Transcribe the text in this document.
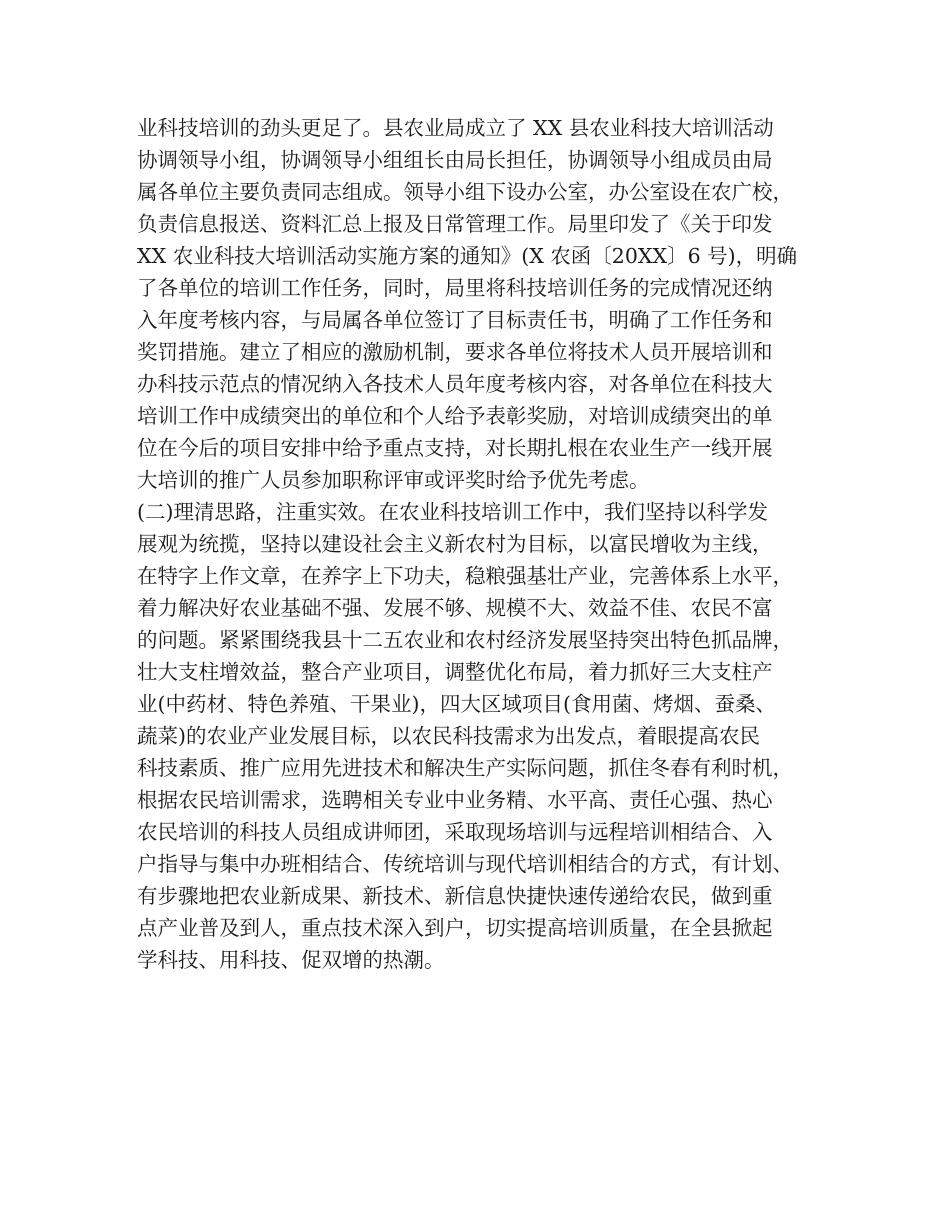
业科技培训的劲头更足了。县农业局成立了 XX 县农业科技大培训活动
协调领导小组，协调领导小组组长由局长担任，协调领导小组成员由局
属各单位主要负责同志组成。领导小组下设办公室，办公室设在农广校，
负责信息报送、资料汇总上报及日常管理工作。局里印发了《关于印发
XX 农业科技大培训活动实施方案的通知》(X 农函〔20XX〕6 号)，明确
了各单位的培训工作任务，同时，局里将科技培训任务的完成情况还纳
入年度考核内容，与局属各单位签订了目标责任书，明确了工作任务和
奖罚措施。建立了相应的激励机制，要求各单位将技术人员开展培训和
办科技示范点的情况纳入各技术人员年度考核内容，对各单位在科技大
培训工作中成绩突出的单位和个人给予表彰奖励，对培训成绩突出的单
位在今后的项目安排中给予重点支持，对长期扎根在农业生产一线开展
大培训的推广人员参加职称评审或评奖时给予优先考虑。
(二)理清思路，注重实效。在农业科技培训工作中，我们坚持以科学发
展观为统揽，坚持以建设社会主义新农村为目标，以富民增收为主线，
在特字上作文章，在养字上下功夫，稳粮强基壮产业，完善体系上水平，
着力解决好农业基础不强、发展不够、规模不大、效益不佳、农民不富
的问题。紧紧围绕我县十二五农业和农村经济发展坚持突出特色抓品牌，
壮大支柱增效益，整合产业项目，调整优化布局，着力抓好三大支柱产
业(中药材、特色养殖、干果业)，四大区域项目(食用菌、烤烟、蚕桑、
蔬菜)的农业产业发展目标，以农民科技需求为出发点，着眼提高农民
科技素质、推广应用先进技术和解决生产实际问题，抓住冬春有利时机，
根据农民培训需求，选聘相关专业中业务精、水平高、责任心强、热心
农民培训的科技人员组成讲师团，采取现场培训与远程培训相结合、入
户指导与集中办班相结合、传统培训与现代培训相结合的方式，有计划、
有步骤地把农业新成果、新技术、新信息快捷快速传递给农民，做到重
点产业普及到人，重点技术深入到户，切实提高培训质量，在全县掀起
学科技、用科技、促双增的热潮。
